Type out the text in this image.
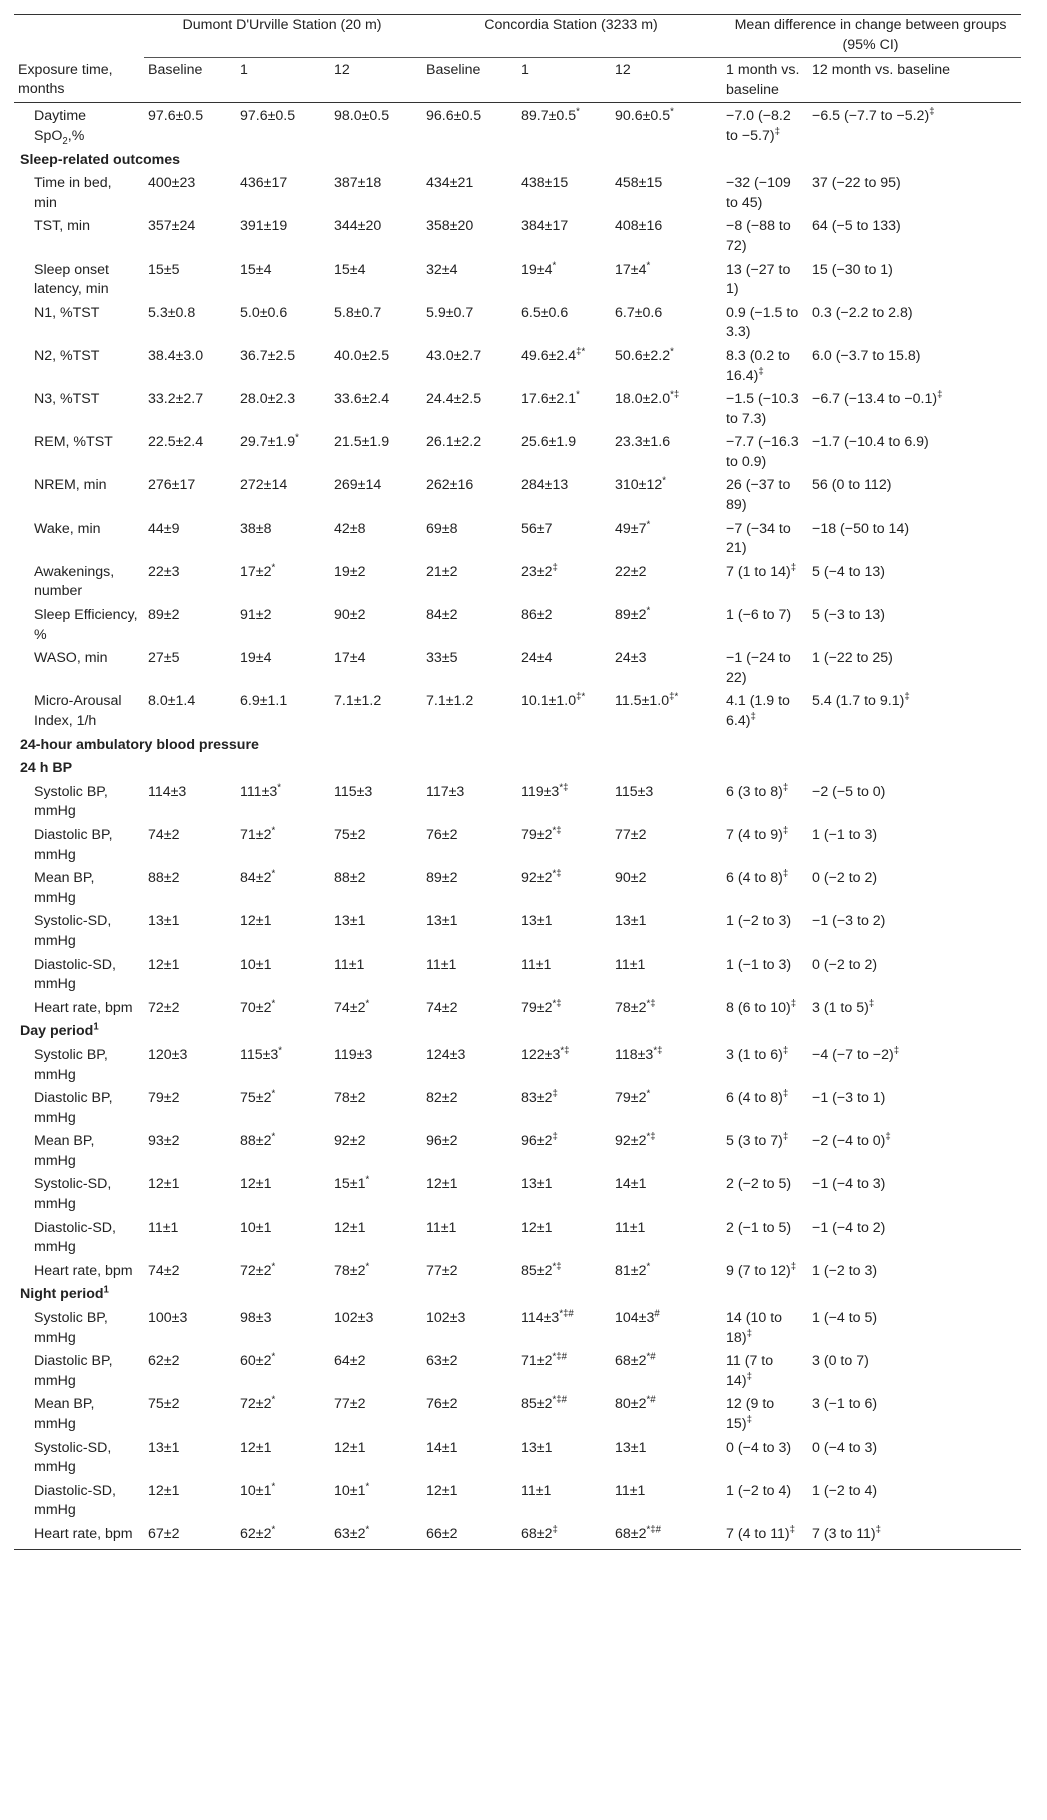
	Dumont D'Urville Station (20 m)			Concordia Station (3233 m)			Mean difference in change between groups (95% CI)		
Exposure time, months	Baseline	1	12	Baseline	1	12	1 month vs. baseline	12 month vs. baseline	
Daytime SpO$_2$,%	97.6±0.5	97.6±0.5	98.0±0.5	96.6±0.5	89.7±0.5*	90.6±0.5*	−7.0 (−8.2 to −5.7)‡	−6.5 (−7.7 to −5.2)‡	
Sleep-related outcomes									
Time in bed, min	400±23	436±17	387±18	434±21	438±15	458±15	−32 (−109 to 45)	37 (−22 to 95)	
TST, min	357±24	391±19	344±20	358±20	384±17	408±16	−8 (−88 to 72)	64 (−5 to 133)	
Sleep onset latency, min	15±5	15±4	15±4	32±4	19±4*	17±4*	13 (−27 to 1)	15 (−30 to 1)	
N1, %TST	5.3±0.8	5.0±0.6	5.8±0.7	5.9±0.7	6.5±0.6	6.7±0.6	0.9 (−1.5 to 3.3)	0.3 (−2.2 to 2.8)	
N2, %TST	38.4±3.0	36.7±2.5	40.0±2.5	43.0±2.7	49.6±2.4‡*	50.6±2.2*	8.3 (0.2 to 16.4)‡	6.0 (−3.7 to 15.8)	
N3, %TST	33.2±2.7	28.0±2.3	33.6±2.4	24.4±2.5	17.6±2.1*	18.0±2.0*‡	−1.5 (−10.3 to 7.3)	−6.7 (−13.4 to −0.1)‡	
REM, %TST	22.5±2.4	29.7±1.9*	21.5±1.9	26.1±2.2	25.6±1.9	23.3±1.6	−7.7 (−16.3 to 0.9)	−1.7 (−10.4 to 6.9)	
NREM, min	276±17	272±14	269±14	262±16	284±13	310±12*	26 (−37 to 89)	56 (0 to 112)	
Wake, min	44±9	38±8	42±8	69±8	56±7	49±7*	−7 (−34 to 21)	−18 (−50 to 14)	
Awakenings, number	22±3	17±2*	19±2	21±2	23±2‡	22±2	7 (1 to 14)‡	5 (−4 to 13)	
Sleep Efficiency, %	89±2	91±2	90±2	84±2	86±2	89±2*	1 (−6 to 7)	5 (−3 to 13)	
WASO, min	27±5	19±4	17±4	33±5	24±4	24±3	−1 (−24 to 22)	1 (−22 to 25)	
Micro-Arousal Index, 1/h	8.0±1.4	6.9±1.1	7.1±1.2	7.1±1.2	10.1±1.0‡*	11.5±1.0‡*	4.1 (1.9 to 6.4)‡	5.4 (1.7 to 9.1)‡	
24-hour ambulatory blood pressure									
24 h BP									
Systolic BP, mmHg	114±3	111±3*	115±3	117±3	119±3*‡	115±3	6 (3 to 8)‡	−2 (−5 to 0)	
Diastolic BP, mmHg	74±2	71±2*	75±2	76±2	79±2*‡	77±2	7 (4 to 9)‡	1 (−1 to 3)	
Mean BP, mmHg	88±2	84±2*	88±2	89±2	92±2*‡	90±2	6 (4 to 8)‡	0 (−2 to 2)	
Systolic-SD, mmHg	13±1	12±1	13±1	13±1	13±1	13±1	1 (−2 to 3)	−1 (−3 to 2)	
Diastolic-SD, mmHg	12±1	10±1	11±1	11±1	11±1	11±1	1 (−1 to 3)	0 (−2 to 2)	
Heart rate, bpm	72±2	70±2*	74±2*	74±2	79±2*‡	78±2*‡	8 (6 to 10)‡	3 (1 to 5)‡	
Day period$^1$
Systolic BP, mmHg	120±3	115±3*	119±3	124±3	122±3*‡	118±3*‡	3 (1 to 6)‡	−4 (−7 to −2)‡	
Diastolic BP, mmHg	79±2	75±2*	78±2	82±2	83±2‡	79±2*	6 (4 to 8)‡	−1 (−3 to 1)	
Mean BP, mmHg	93±2	88±2*	92±2	96±2	96±2‡	92±2*‡	5 (3 to 7)‡	−2 (−4 to 0)‡	
Systolic-SD, mmHg	12±1	12±1	15±1*	12±1	13±1	14±1	2 (−2 to 5)	−1 (−4 to 3)	
Diastolic-SD, mmHg	11±1	10±1	12±1	11±1	12±1	11±1	2 (−1 to 5)	−1 (−4 to 2)	
Heart rate, bpm	74±2	72±2*	78±2*	77±2	85±2*‡	81±2*	9 (7 to 12)‡	1 (−2 to 3)	
Night period$^1$
Systolic BP, mmHg	100±3	98±3	102±3	102±3	114±3*‡#	104±3#	14 (10 to 18)‡	1 (−4 to 5)	
Diastolic BP, mmHg	62±2	60±2*	64±2	63±2	71±2*‡#	68±2*#	11 (7 to 14)‡	3 (0 to 7)	
Mean BP, mmHg	75±2	72±2*	77±2	76±2	85±2*‡#	80±2*#	12 (9 to 15)‡	3 (−1 to 6)	
Systolic-SD, mmHg	13±1	12±1	12±1	14±1	13±1	13±1	0 (−4 to 3)	0 (−4 to 3)	
Diastolic-SD, mmHg	12±1	10±1*	10±1*	12±1	11±1	11±1	1 (−2 to 4)	1 (−2 to 4)	
Heart rate, bpm	67±2	62±2*	63±2*	66±2	68±2‡	68±2*‡#	7 (4 to 11)‡	7 (3 to 11)‡	
